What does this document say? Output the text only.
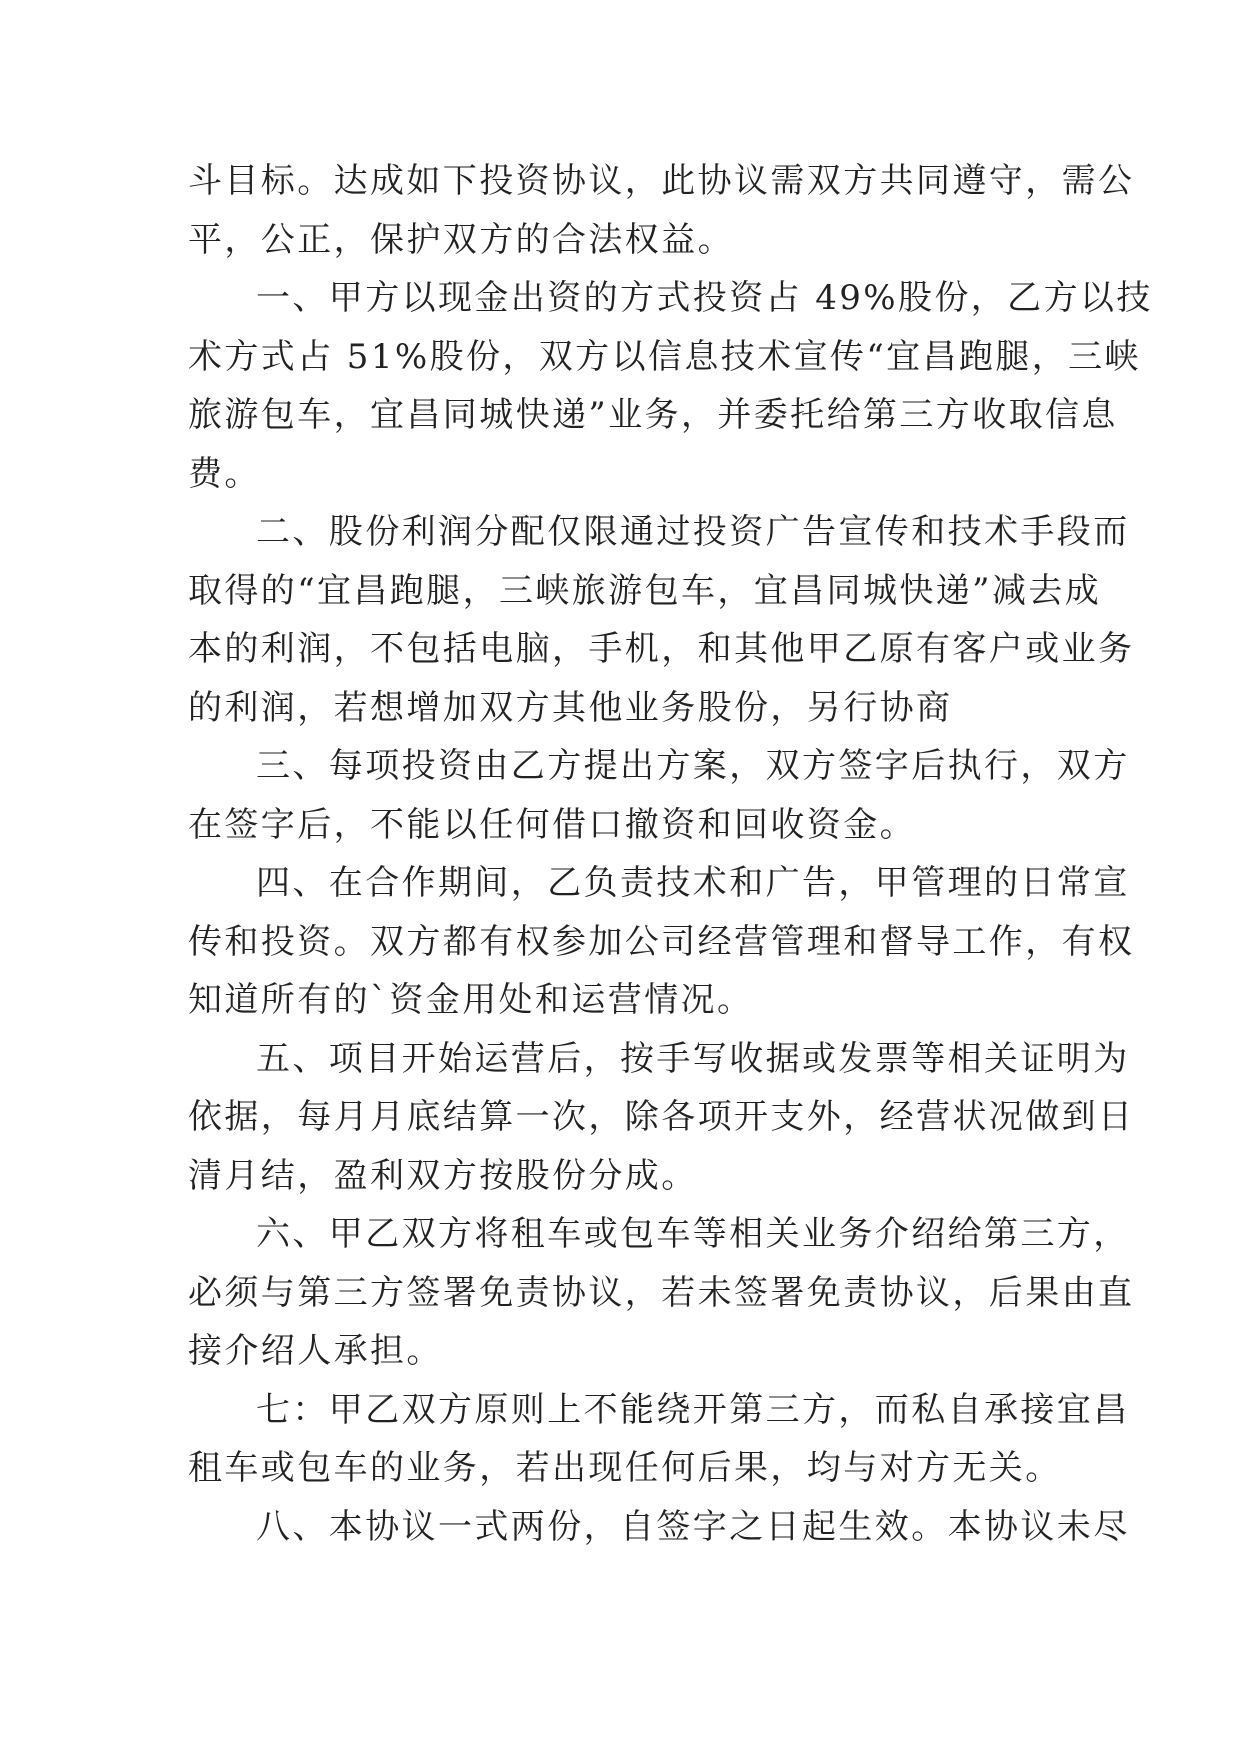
斗目标。达成如下投资协议，此协议需双方共同遵守，需公
平，公正，保护双方的合法权益。
一、甲方以现金出资的方式投资占 49%股份，乙方以技
术方式占 51%股份，双方以信息技术宣传“宜昌跑腿，三峡
旅游包车，宜昌同城快递”业务，并委托给第三方收取信息
费。
二、股份利润分配仅限通过投资广告宣传和技术手段而
取得的“宜昌跑腿，三峡旅游包车，宜昌同城快递”减去成
本的利润，不包括电脑，手机，和其他甲乙原有客户或业务
的利润，若想增加双方其他业务股份，另行协商
三、每项投资由乙方提出方案，双方签字后执行，双方
在签字后，不能以任何借口撤资和回收资金。
四、在合作期间，乙负责技术和广告，甲管理的日常宣
传和投资。双方都有权参加公司经营管理和督导工作，有权
知道所有的`资金用处和运营情况。
五、项目开始运营后，按手写收据或发票等相关证明为
依据，每月月底结算一次，除各项开支外，经营状况做到日
清月结，盈利双方按股份分成。
六、甲乙双方将租车或包车等相关业务介绍给第三方，
必须与第三方签署免责协议，若未签署免责协议，后果由直
接介绍人承担。
七：甲乙双方原则上不能绕开第三方，而私自承接宜昌
租车或包车的业务，若出现任何后果，均与对方无关。
八、本协议一式两份，自签字之日起生效。本协议未尽
